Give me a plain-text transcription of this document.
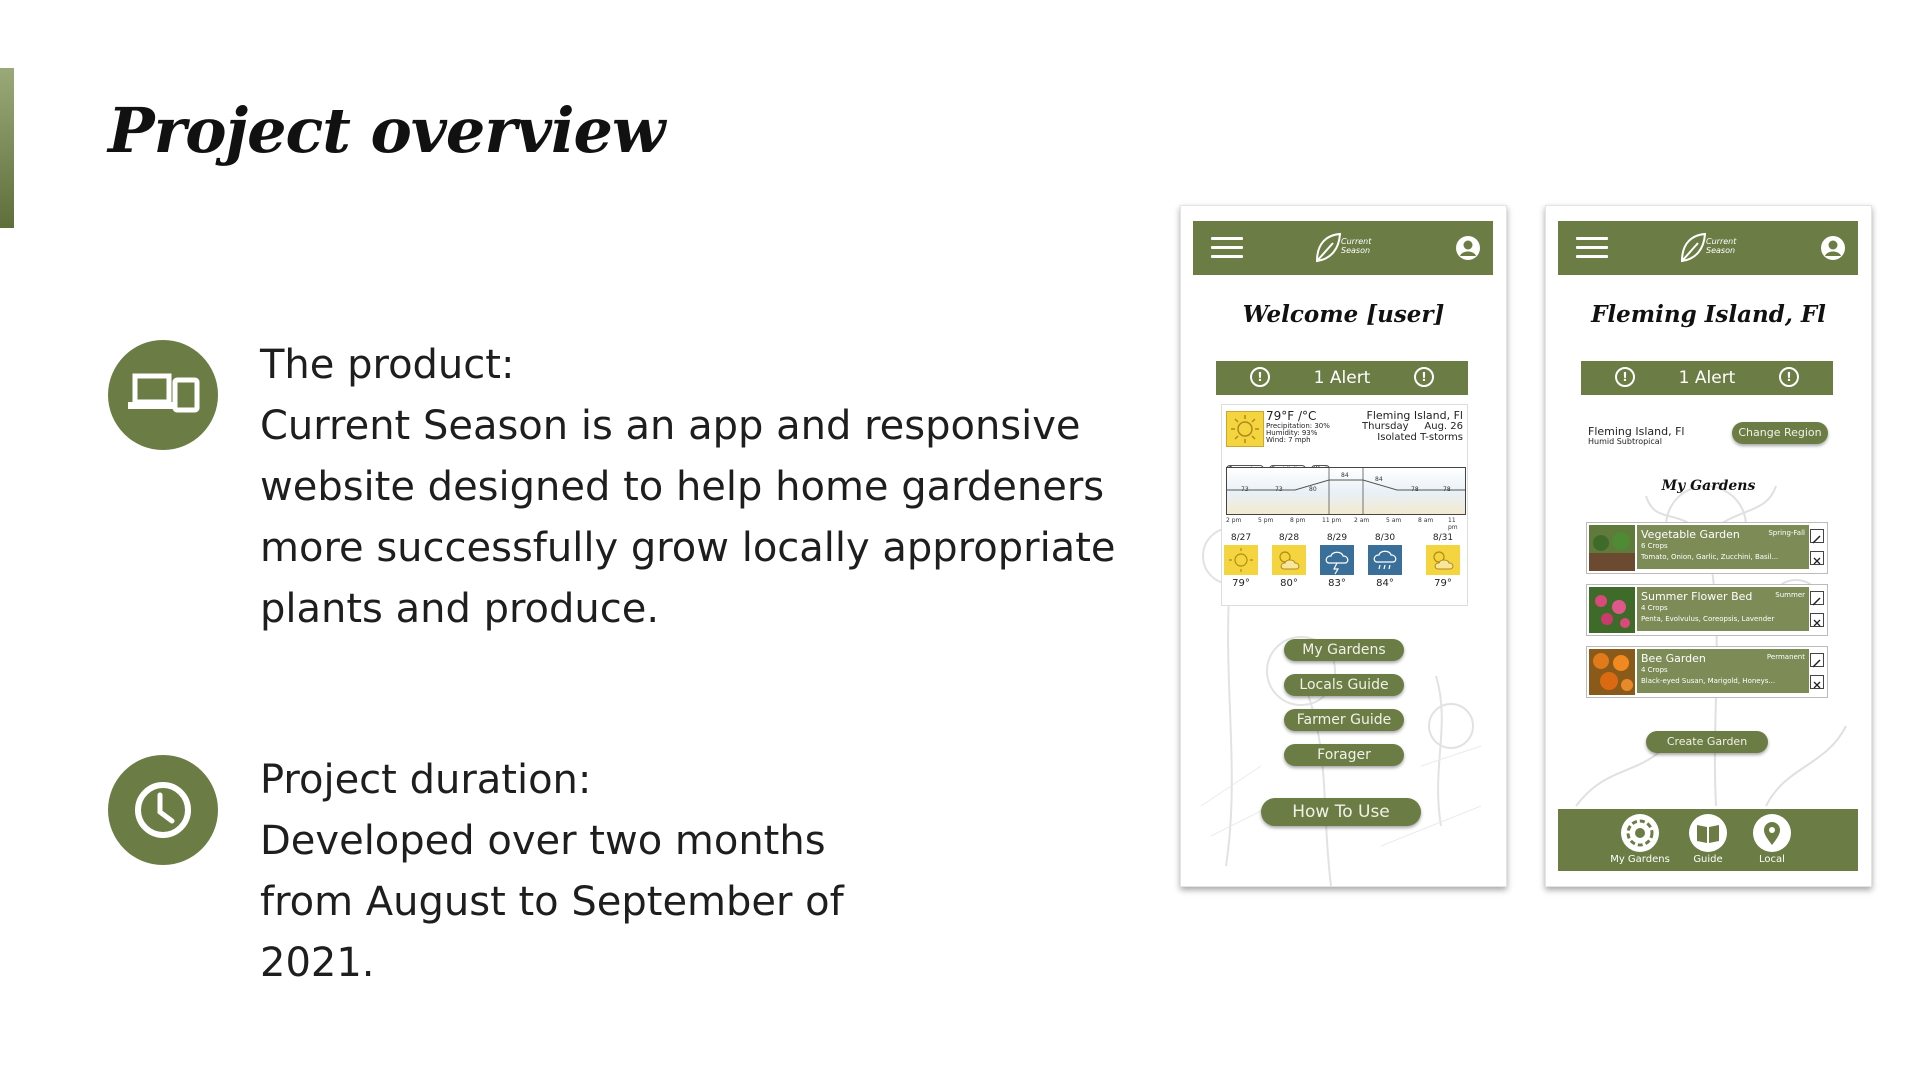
Project overview
The product:
Current Season is an app and responsive website designed to help home gardeners more successfully grow locally appropriate plants and produce.
Project duration:
Developed over two months from August to September of 2021.
Current Season
Welcome [user]
!	1 Alert	!
79°F /°C
Precipitation: 30%
Humidity: 93%
Wind: 7 mph
Fleming Island, Fl
Thursday Aug. 26
Isolated T-storms

73	73	80
84
84
78	78
2 pm	5 pm	8 pm	11 pm 2 am	5 am	8 am 11 pm
8/27
79°
8/28
80°
8/29
83°
8/30
84°
8/31
79°
My Gardens
Locals Guide
Farmer Guide
Forager
How To Use
Current Season
Fleming Island, Fl
!	1 Alert	!
Fleming Island, Fl
Humid Subtropical
Change Region
My Gardens
Vegetable Garden	Spring-Fall
6 Crops
Tomato, Onion, Garlic, Zucchini, Basil...
Summer Flower Bed	Summer
4 Crops
Penta, Evolvulus, Coreopsis, Lavender
Bee Garden	Permanent
4 Crops
Black-eyed Susan, Marigold, Honeys...
Create Garden
My Gardens	Guide	Local
